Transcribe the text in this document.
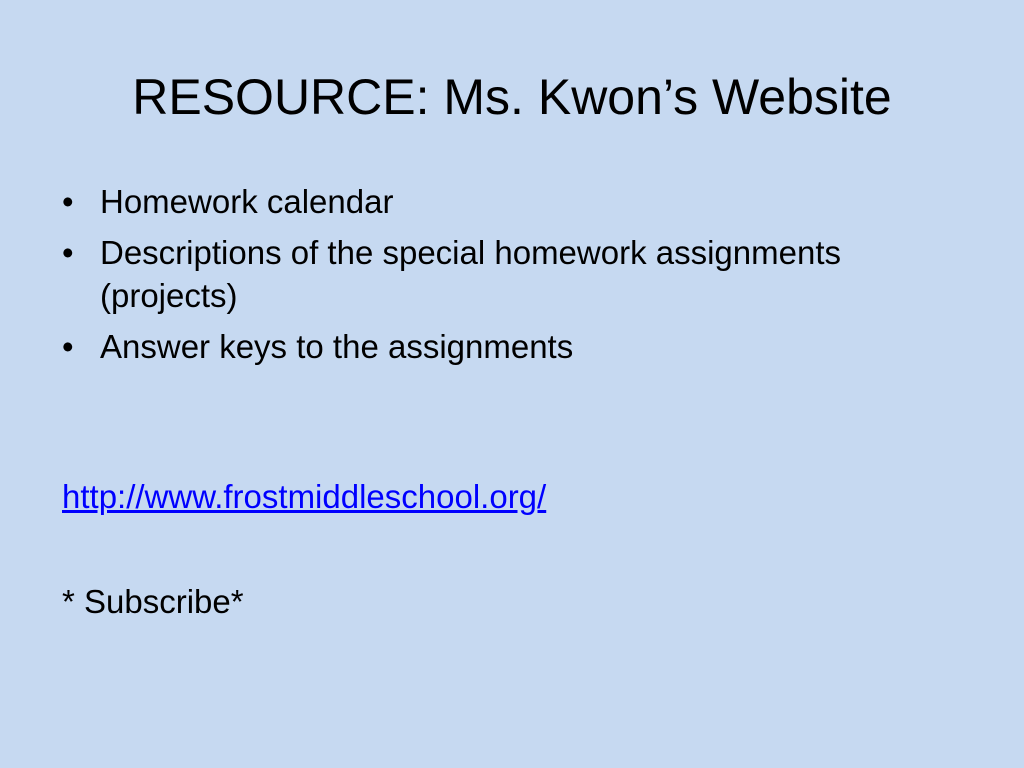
RESOURCE: Ms. Kwon’s Website
• Homework calendar
• Descriptions of the special homework assignments (projects)
• Answer keys to the assignments
http://www.frostmiddleschool.org/
* Subscribe*
